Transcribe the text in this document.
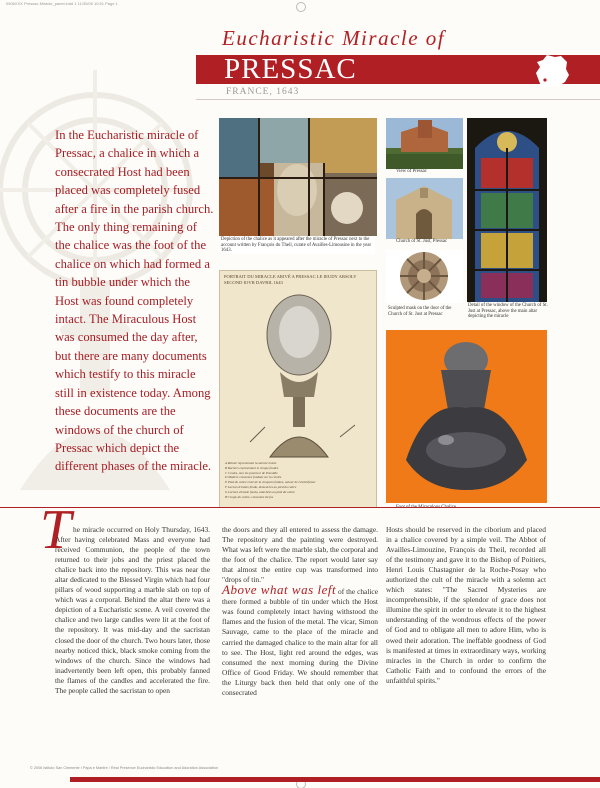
0506XXX Pressac Miracle_panel.indd 1 11/30/06 10:51 Page 1
Eucharistic Miracle of
PRESSAC
FRANCE, 1643

In the Eucharistic miracle of Pressac, a chalice in which a consecrated Host had been placed was completely fused after a fire in the parish church. The only thing remaining of the chalice was the foot of the chalice on which had formed a tin bubble under which the Host was found completely intact. The Miraculous Host was consumed the day after, but there are many documents which testify to this miracle still in existence today. Among these documents are the windows of the church of Pressac which depict the different phases of the miracle.

Depiction of the chalice as it appeared after the miracle of Pressac next to the account written by François du Theil, curate of Availles-Limousine in the year 1643.

PORTRAIT DU MIRACLE ARIVÉ A PRESSAC LE IEUDY ABSOLV SECOND IOVR DAVRIL 1643
A Rebule representant la saincte hostie
B Rochers representant le cinque fondee
C Coulez, mes les pourtour de Pounidie
D Matiere consumee fondant sur la cendre
E Pied du calice resté de la cinquain fondue, autour de l'embrefaiser
F Larmes d'estain fondu, demeurées au pied du calice
G Larmes d'estain fondu, attachées au pied du calice
H Coupe du calice, consumée du feu

View of Pressac

Church of St. Just, Pressac

Sculpted mask on the door of the Church of St. Just at Pressac

Detail of the window of the Church of St. Just at Pressac, above the main altar depicting the miracle

T he miracle occurred on Holy Thursday, 1643. After having celebrated Mass and everyone had received Communion, the people of the town returned to their jobs and the priest placed the chalice back into the repository. This was near the altar dedicated to the Blessed Virgin which had four pillars of wood supporting a marble slab on top of which was a corporal. Behind the altar there was a depiction of a Eucharistic scene. A veil covered the chalice and two large candles were lit at the foot of the repository. It was mid-day and the sacristan closed the door of the church. Two hours later, those nearby noticed thick, black smoke coming from the windows of the church. Since the windows had inadvertently been left open, this probably fanned the flames of the candles and accelerated the fire. The people called the sacristan to open

the doors and they all entered to assess the damage. The repository and the painting were destroyed. What was left were the marble slab, the corporal and the foot of the chalice. The report would later say that almost the entire cup was transformed into "drops of tin."
Above what was left of the chalice there formed a bubble of tin under which the Host was found completely intact having withstood the flames and the fusion of the metal. The vicar, Simon Sauvage, came to the place of the miracle and carried the damaged chalice to the main altar for all to see. The Host, light red around the edges, was consumed the next morning during the Divine Office of Good Friday. We should remember that the Liturgy back then held that only one of the consecrated

Hosts should be reserved in the ciborium and placed in a chalice covered by a simple veil. The Abbot of Availles-Limouzine, François du Theil, recorded all of the testimony and gave it to the Bishop of Poitiers, Henri Louis Chastagnier de la Roche-Posay who authorized the cult of the miracle with a solemn act which states: "The Sacred Mysteries are incomprehensible, if the splendor of grace does not illumine the spirit in order to elevate it to the highest understanding of the wondrous effects of the power of God and to obligate all men to adore Him, who is owed their adoration. The ineffable goodness of God is manifested at times in extraordinary ways, working miracles in the Church in order to confirm the Catholic Faith and to confound the errors of the unfaithful spirits."

© 2006 Istituto San Clemente I Papa e Martire / Real Presence Eucharistic Education and Adoration Association
